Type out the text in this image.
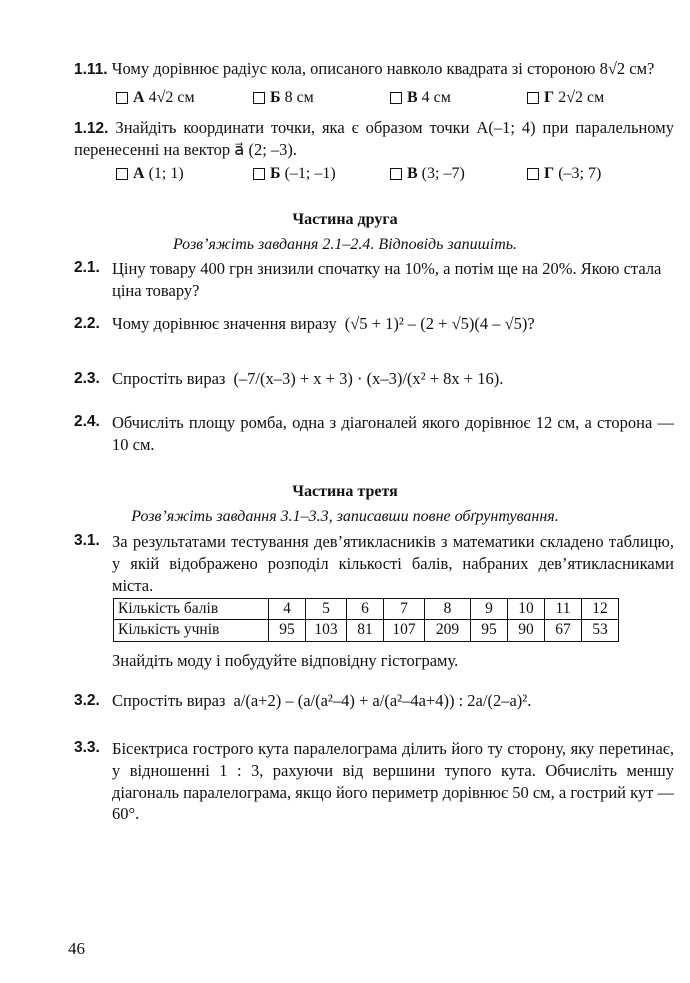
1.11. Чому дорівнює радіус кола, описаного навколо квадрата зі стороною 8√2 см?
А 4√2 см	Б 8 см	В 4 см	Г 2√2 см
1.12. Знайдіть координати точки, яка є образом точки A(–1; 4) при паралельному перенесенні на вектор a⃗ (2; –3).
А (1; 1)	Б (–1; –1)	В (3; –7)	Г (–3; 7)
Частина друга
Розв’яжіть завдання 2.1–2.4. Відповідь запишіть.
2.1. Ціну товару 400 грн знизили спочатку на 10%, а потім ще на 20%. Якою стала ціна товару?
2.2. Чому дорівнює значення виразу (√5 + 1)² – (2 + √5)(4 – √5)?
2.3. Спростіть вираз (–7/(x–3) + x + 3) · (x–3)/(x² + 8x + 16).
2.4. Обчисліть площу ромба, одна з діагоналей якого дорівнює 12 см, а сторона — 10 см.
Частина третя
Розв’яжіть завдання 3.1–3.3, записавши повне обґрунтування.
3.1. За результатами тестування дев’ятикласників з математики складено таблицю, у якій відображено розподіл кількості балів, набраних дев’ятикласниками міста.
Кількість балів	4	5	6	7	8	9	10	11	12
Кількість учнів	95	103	81	107	209	95	90	67	53
Знайдіть моду і побудуйте відповідну гістограму.
3.2. Спростіть вираз a/(a+2) – (a/(a²–4) + a/(a²–4a+4)) : 2a/(2–a)².
3.3. Бісектриса гострого кута паралелограма ділить його ту сторону, яку перетинає, у відношенні 1 : 3, рахуючи від вершини тупого кута. Обчисліть меншу діагональ паралелограма, якщо його периметр дорівнює 50 см, а гострий кут — 60°.
46
